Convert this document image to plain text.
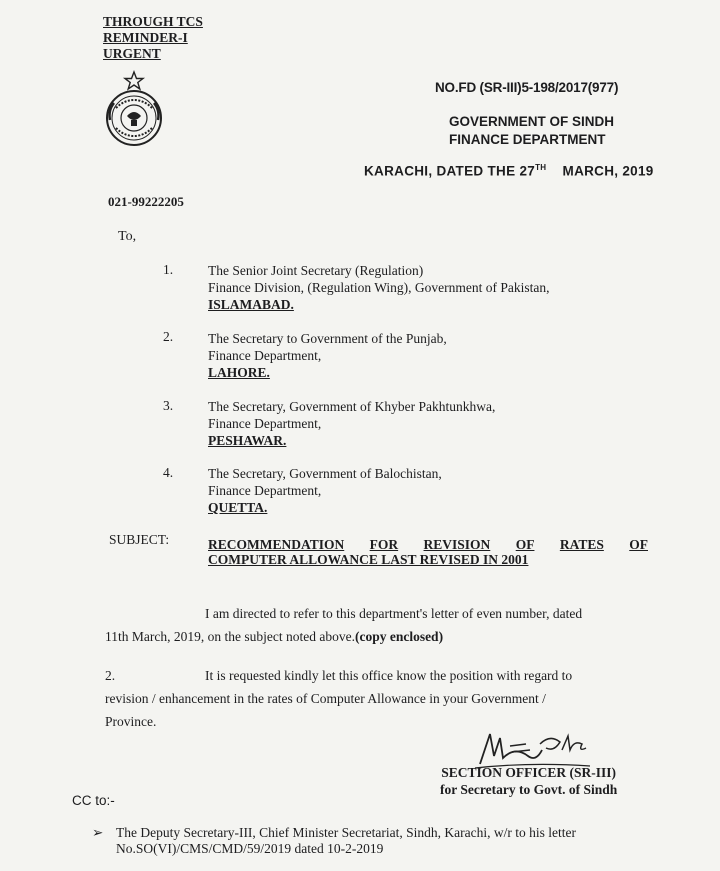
THROUGH TCS
REMINDER-I
URGENT
NO.FD (SR-III)5-198/2017(977)
GOVERNMENT OF SINDH
FINANCE DEPARTMENT
KARACHI, DATED THE 27TH MARCH, 2019
021-99222205
To,
1.	The Senior Joint Secretary (Regulation)
Finance Division, (Regulation Wing), Government of Pakistan,
ISLAMABAD.
2.	The Secretary to Government of the Punjab,
Finance Department,
LAHORE.
3.	The Secretary, Government of Khyber Pakhtunkhwa,
Finance Department,
PESHAWAR.
4.	The Secretary, Government of Balochistan,
Finance Department,
QUETTA.
SUBJECT:	RECOMMENDATION FOR REVISION OF RATES OF
COMPUTER ALLOWANCE LAST REVISED IN 2001
I am directed to refer to this department's letter of even number, dated
11th March, 2019, on the subject noted above.(copy enclosed)
2.	It is requested kindly let this office know the position with regard to
revision / enhancement in the rates of Computer Allowance in your Government /
Province.
SECTION OFFICER (SR-III)
for Secretary to Govt. of Sindh
CC to:-
➢ The Deputy Secretary-III, Chief Minister Secretariat, Sindh, Karachi, w/r to his letter
No.SO(VI)/CMS/CMD/59/2019 dated 10-2-2019
